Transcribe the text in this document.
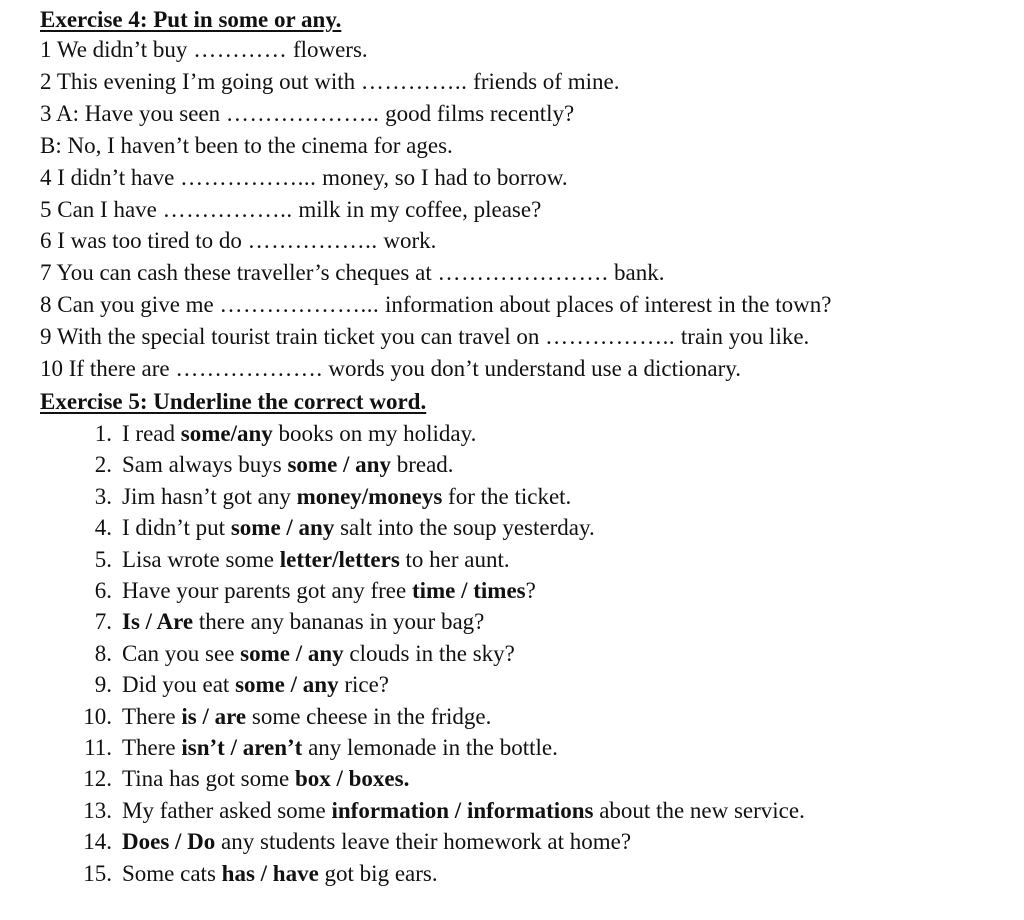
Exercise 4: Put in some or any.
1 We didn’t buy ………… flowers.
2 This evening I’m going out with ………….. friends of mine.
3 A: Have you seen ……………….. good films recently?
B: No, I haven’t been to the cinema for ages.
4 I didn’t have ……………... money, so I had to borrow.
5 Can I have …………….. milk in my coffee, please?
6 I was too tired to do …………….. work.
7 You can cash these traveller’s cheques at …………………. bank.
8 Can you give me ………………... information about places of interest in the town?
9 With the special tourist train ticket you can travel on …………….. train you like.
10 If there are ………………. words you don’t understand use a dictionary.
Exercise 5: Underline the correct word.
1. I read some/any books on my holiday.
2. Sam always buys some / any bread.
3. Jim hasn’t got any money/moneys for the ticket.
4. I didn’t put some / any salt into the soup yesterday.
5. Lisa wrote some letter/letters to her aunt.
6. Have your parents got any free time / times?
7. Is / Are there any bananas in your bag?
8. Can you see some / any clouds in the sky?
9. Did you eat some / any rice?
10. There is / are some cheese in the fridge.
11. There isn’t / aren’t any lemonade in the bottle.
12. Tina has got some box / boxes.
13. My father asked some information / informations about the new service.
14. Does / Do any students leave their homework at home?
15. Some cats has / have got big ears.
